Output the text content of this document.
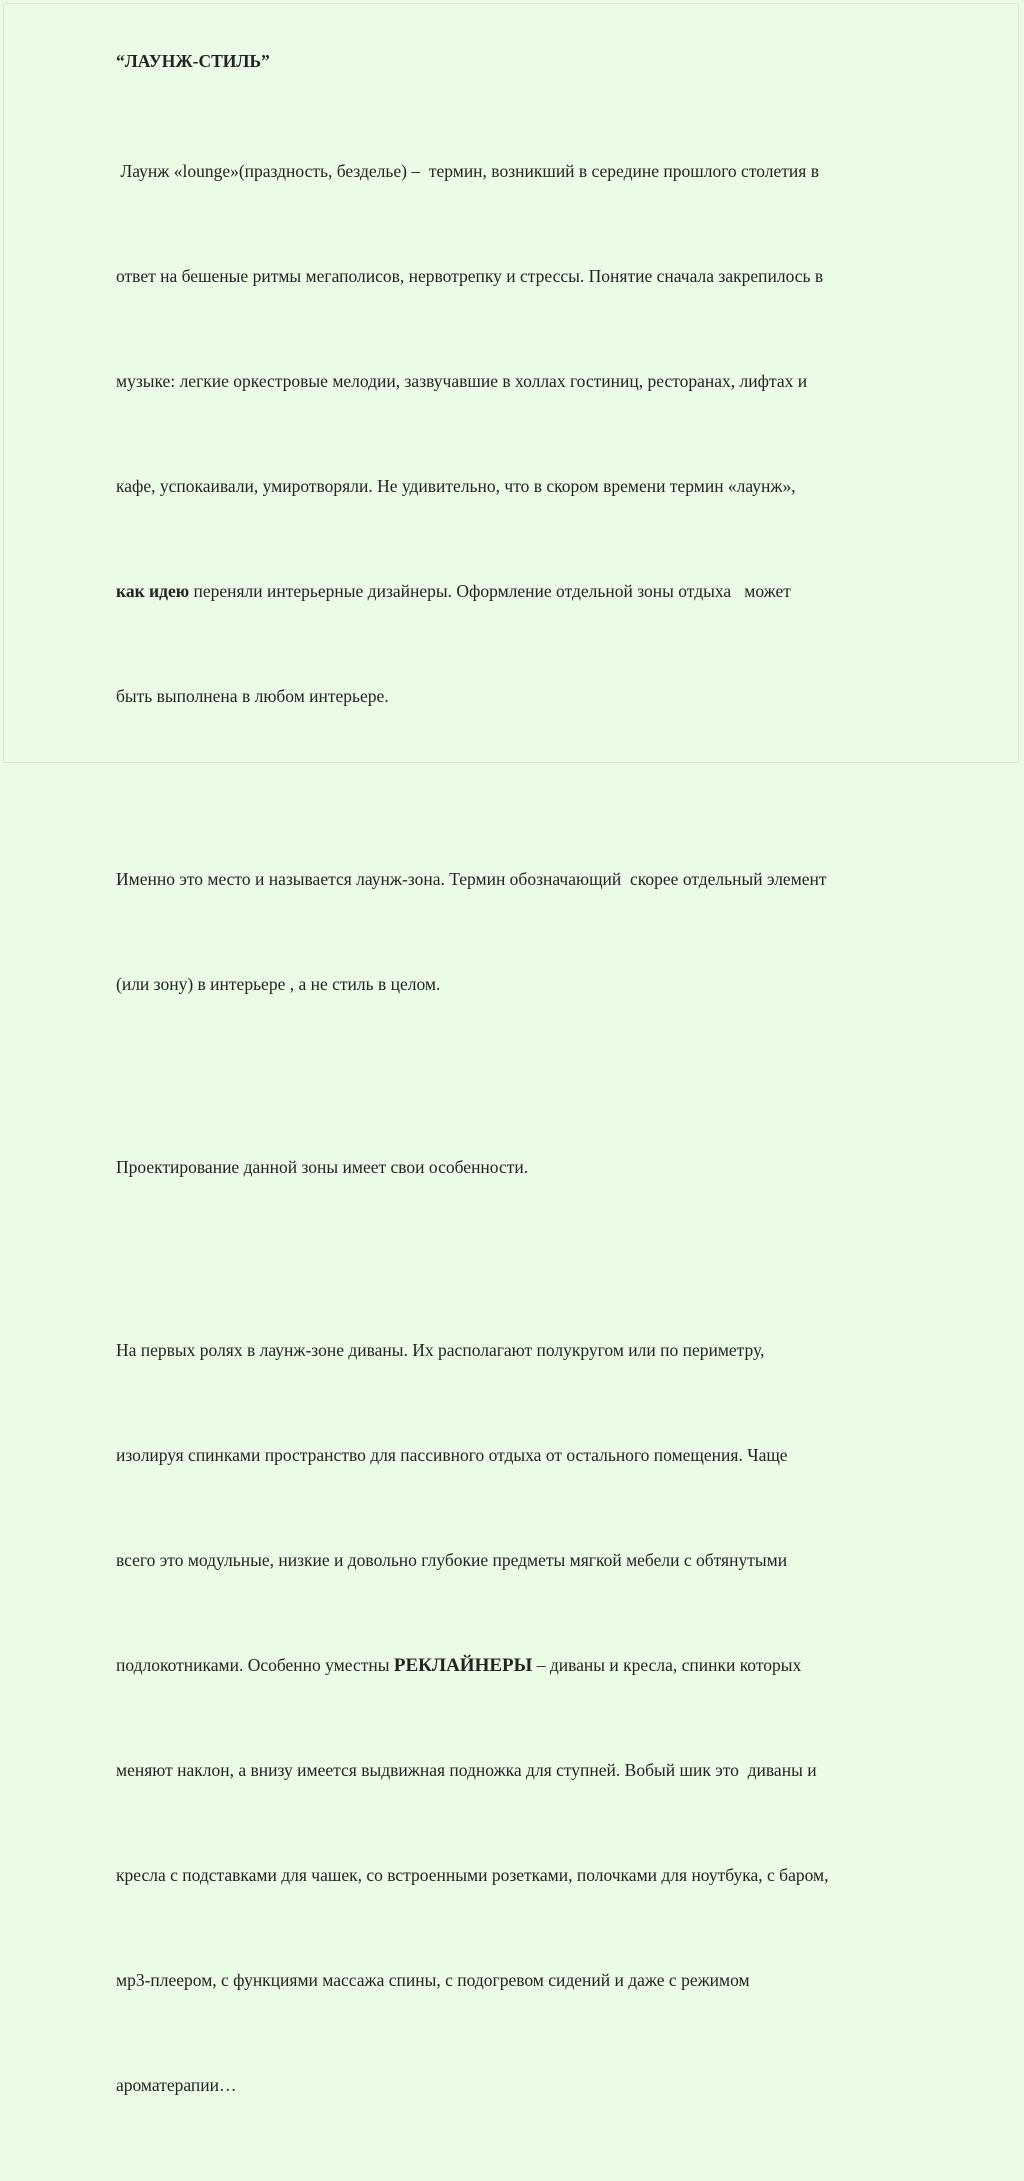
“ЛАУНЖ-СТИЛЬ”

Лаунж «lounge»(праздность, безделье) –  термин, возникший в середине прошлого столетия в

ответ на бешеные ритмы мегаполисов, нервотрепку и стрессы. Понятие сначала закрепилось в

музыке: легкие оркестровые мелодии, зазвучавшие в холлах гостиниц, ресторанах, лифтах и

кафе, успокаивали, умиротворяли. Не удивительно, что в скором времени термин «лаунж»,

как идею переняли интерьерные дизайнеры. Оформление отдельной зоны отдыха   может

быть выполнена в любом интерьере.

Именно это место и называется лаунж-зона. Термин обозначающий  скорее отдельный элемент

(или зону) в интерьере , а не стиль в целом.

Проектирование данной зоны имеет свои особенности.

На первых ролях в лаунж-зоне диваны. Их располагают полукругом или по периметру,

изолируя спинками пространство для пассивного отдыха от остального помещения. Чаще

всего это модульные, низкие и довольно глубокие предметы мягкой мебели с обтянутыми

подлокотниками. Особенно уместны РЕКЛАЙНЕРЫ – диваны и кресла, спинки которых

меняют наклон, а внизу имеется выдвижная подножка для ступней. Вобый шик это  диваны и

кресла с подставками для чашек, со встроенными розетками, полочками для ноутбука, с баром,

мр3-плеером, с функциями массажа спины, с подогревом сидений и даже с режимом

ароматерапии…
